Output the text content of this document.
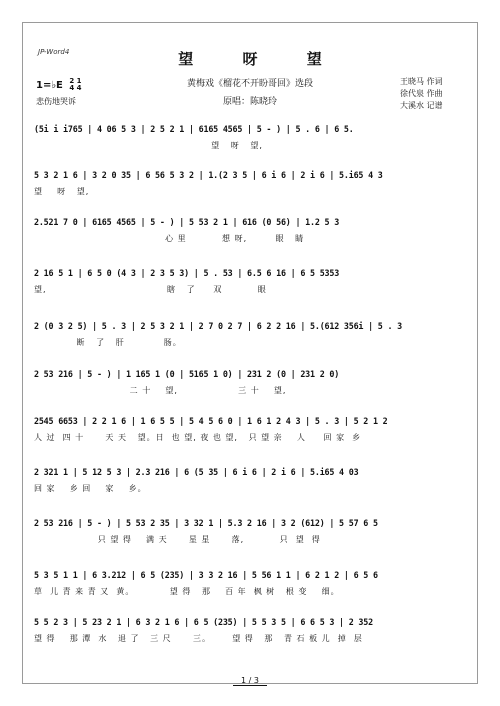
JP-Word4	望 呀 望
1=♭E 2 1
4 4
悲伤地哭诉
黄梅戏《榴花不开盼哥回》选段
原唱：陈晓玲
王晓马 作词
徐代泉 作曲
大溪水 记谱
(5i i i765 | 4 06 5 3 | 2 5 2 1 | 6165 4565 | 5 - ) | 5 . 6 | 6 5.
望   呀   望,
5 3 2 1 6 | 3 2 0 35 | 6 56 5 3 2 | 1.(2 3 5 | 6 i 6 | 2 i 6 | 5.i65 4 3
望    呀   望,
2.521 7 0 | 6165 4565 | 5 - ) | 5 53 2 1 | 616 (0 56) | 1.2 5 3
心 里          想 呀,        眼   睛
2 16 5 1 | 6 5 0 (4 3 | 2 3 5 3) | 5 . 53 | 6.5 6 16 | 6 5 5353
望,                                  瞎   了     双          眼
2 (0 3 2 5) | 5 . 3 | 2 5 3 2 1 | 2 7 0 2 7 | 6 2 2 16 | 5.(612 356i | 5 . 3
断   了   肝           肠。
2 53 216 | 5 - ) | 1 165 1 (0 | 5165 1 0) | 231 2 (0 | 231 2 0)
二 十    望,                 三 十    望,
2545 6653 | 2 2 1 6 | 1 6 5 5 | 5 4 5 6 0 | 1 6 1 2 4 3 | 5 . 3 | 5 2 1 2
人 过  四 十      天 天   望。日  也 望, 夜 也 望,   只 望 亲    人     回 家  乡
2 321 1 | 5 12 5 3 | 2.3 216 | 6 (5 35 | 6 i 6 | 2 i 6 | 5.i65 4 03
回 家    乡 回    家    乡。
2 53 216 | 5 - ) | 5 53 2 35 | 3 32 1 | 5.3 2 16 | 3 2 (612) | 5 57 6 5
只 望 得    满 天      星 星      落,          只  望  得
5 3 5 1 1 | 6 3.212 | 6 5 (235) | 3 3 2 16 | 5 56 1 1 | 6 2 1 2 | 6 5 6
草  儿 青 来 青 又  黄。          望 得   那    百 年  枫 树   根 变    细。
5 5 2 3 | 5 23 2 1 | 6 3 2 1 6 | 6 5 (235) | 5 5 3 5 | 6 6 5 3 | 2 352
望 得    那 潭  水   退 了   三 尺      三。      望 得   那   青 石 板 儿  掉  层
1 / 3
